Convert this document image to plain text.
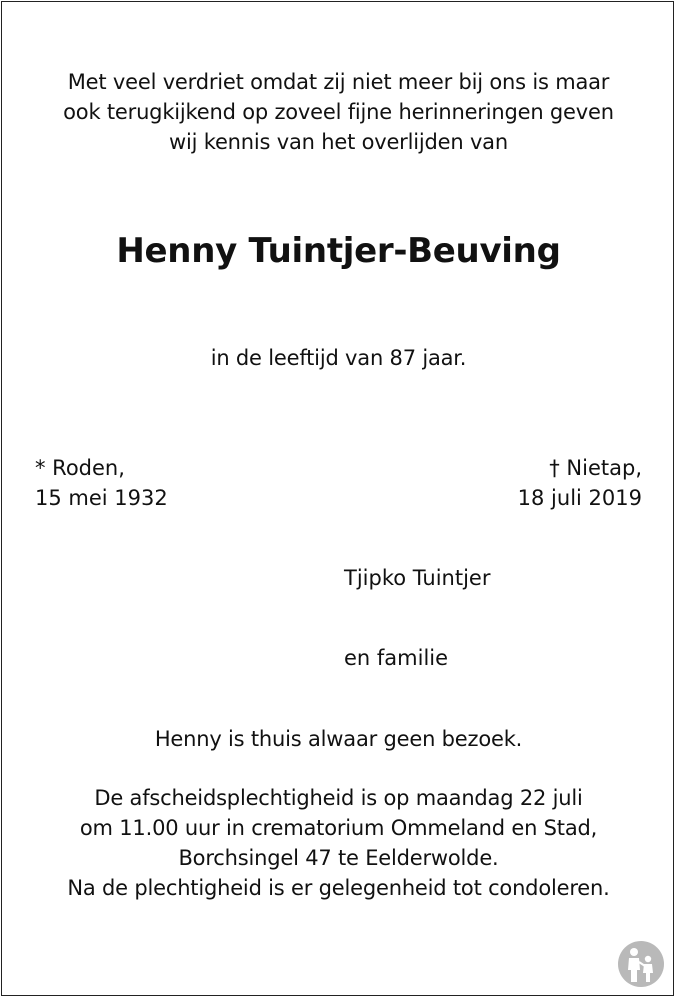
Met veel verdriet omdat zij niet meer bij ons is maar
ook terugkijkend op zoveel fijne herinneringen geven
wij kennis van het overlijden van
Henny Tuintjer-Beuving
in de leeftijd van 87 jaar.
* Roden,
15 mei 1932
† Nietap,
18 juli 2019
Tjipko Tuintjer
en familie
Henny is thuis alwaar geen bezoek.
De afscheidsplechtigheid is op maandag 22 juli
om 11.00 uur in crematorium Ommeland en Stad,
Borchsingel 47 te Eelderwolde.
Na de plechtigheid is er gelegenheid tot condoleren.
